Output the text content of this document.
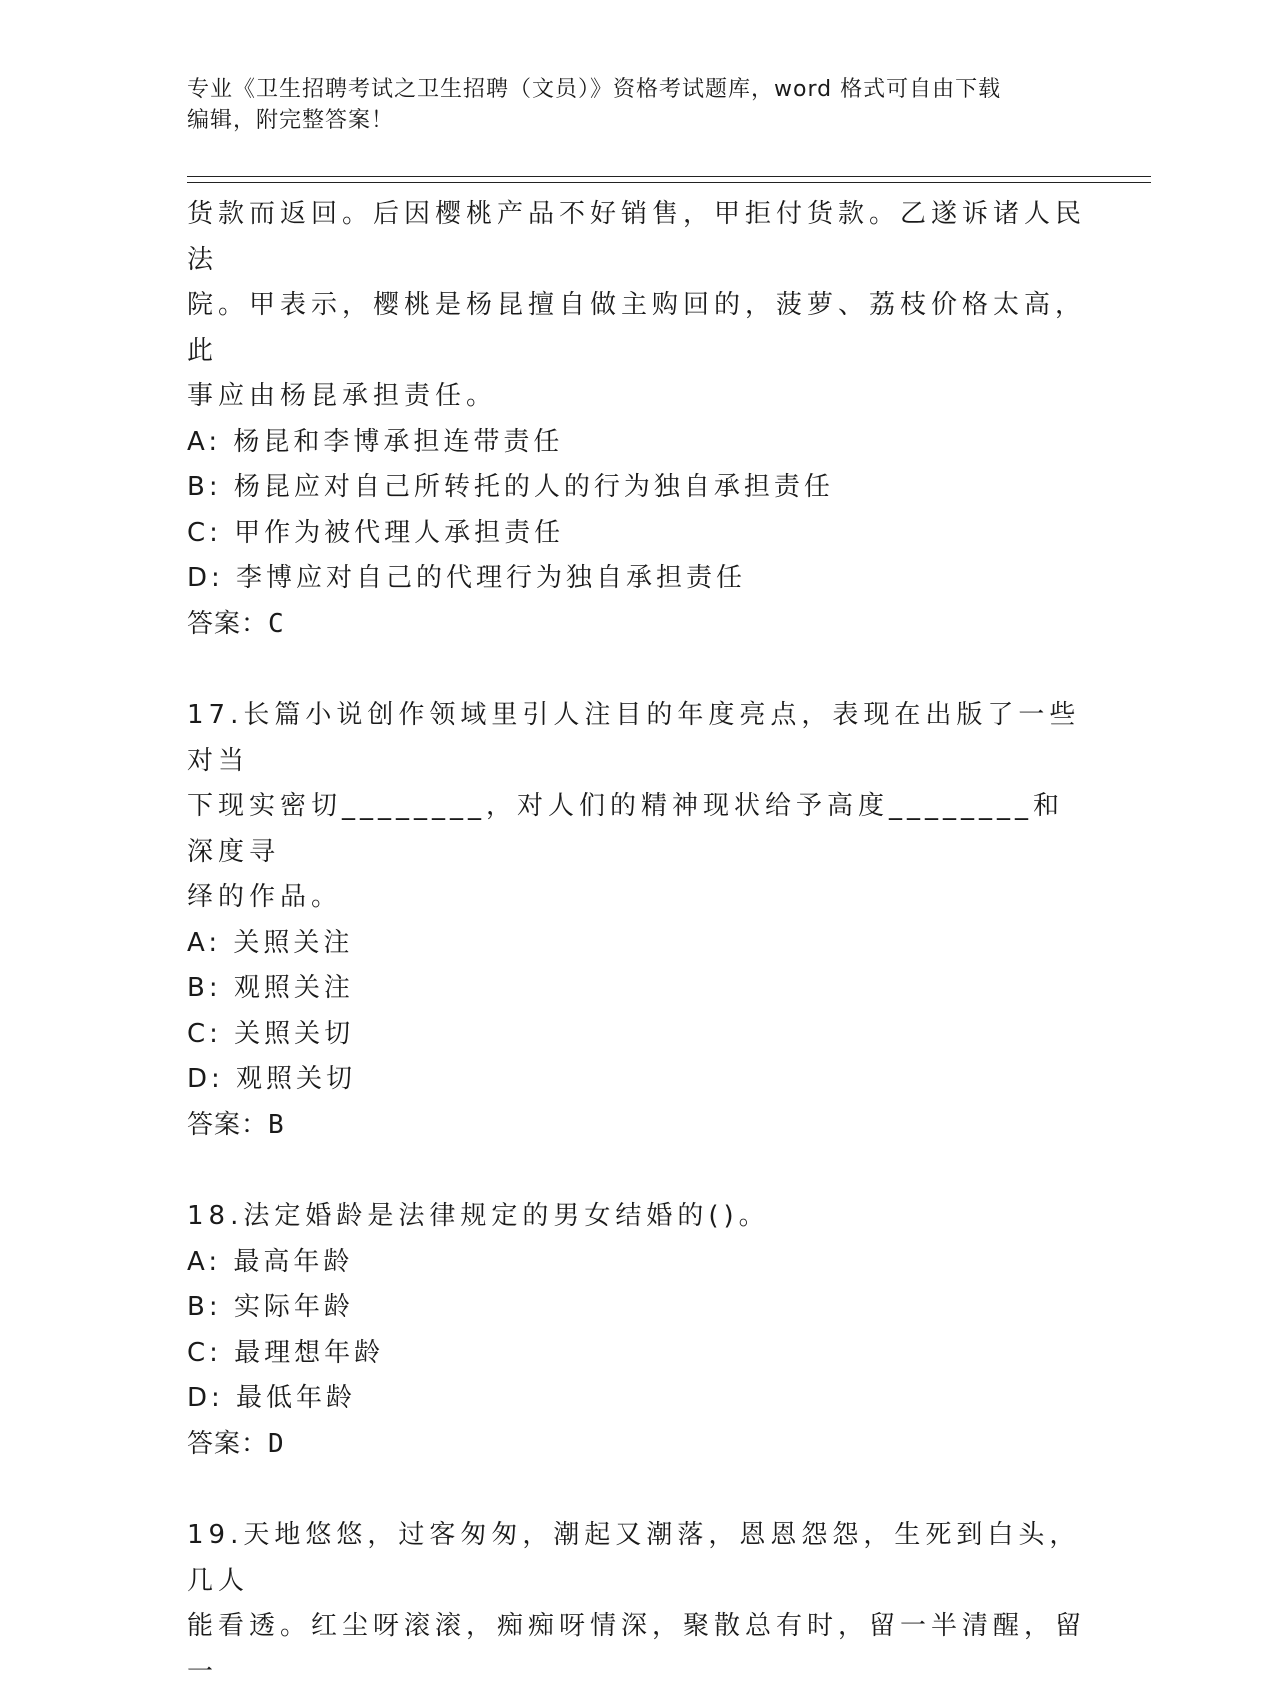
专业《卫生招聘考试之卫生招聘（文员）》资格考试题库，word 格式可自由下载
编辑，附完整答案！

货款而返回。后因樱桃产品不好销售，甲拒付货款。乙遂诉诸人民法

院。甲表示，樱桃是杨昆擅自做主购回的，菠萝、荔枝价格太高，此

事应由杨昆承担责任。

A: 杨昆和李博承担连带责任

B: 杨昆应对自己所转托的人的行为独自承担责任

C: 甲作为被代理人承担责任

D: 李博应对自己的代理行为独自承担责任

答案：C

17.长篇小说创作领域里引人注目的年度亮点，表现在出版了一些对当

下现实密切________，对人们的精神现状给予高度________和深度寻

绎的作品。

A: 关照关注

B: 观照关注

C: 关照关切

D: 观照关切

答案：B

18.法定婚龄是法律规定的男女结婚的()。

A: 最高年龄

B: 实际年龄

C: 最理想年龄

D: 最低年龄

答案：D

19.天地悠悠，过客匆匆，潮起又潮落，恩恩怨怨，生死到白头，几人

能看透。红尘呀滚滚，痴痴呀情深，聚散总有时，留一半清醒，留一
